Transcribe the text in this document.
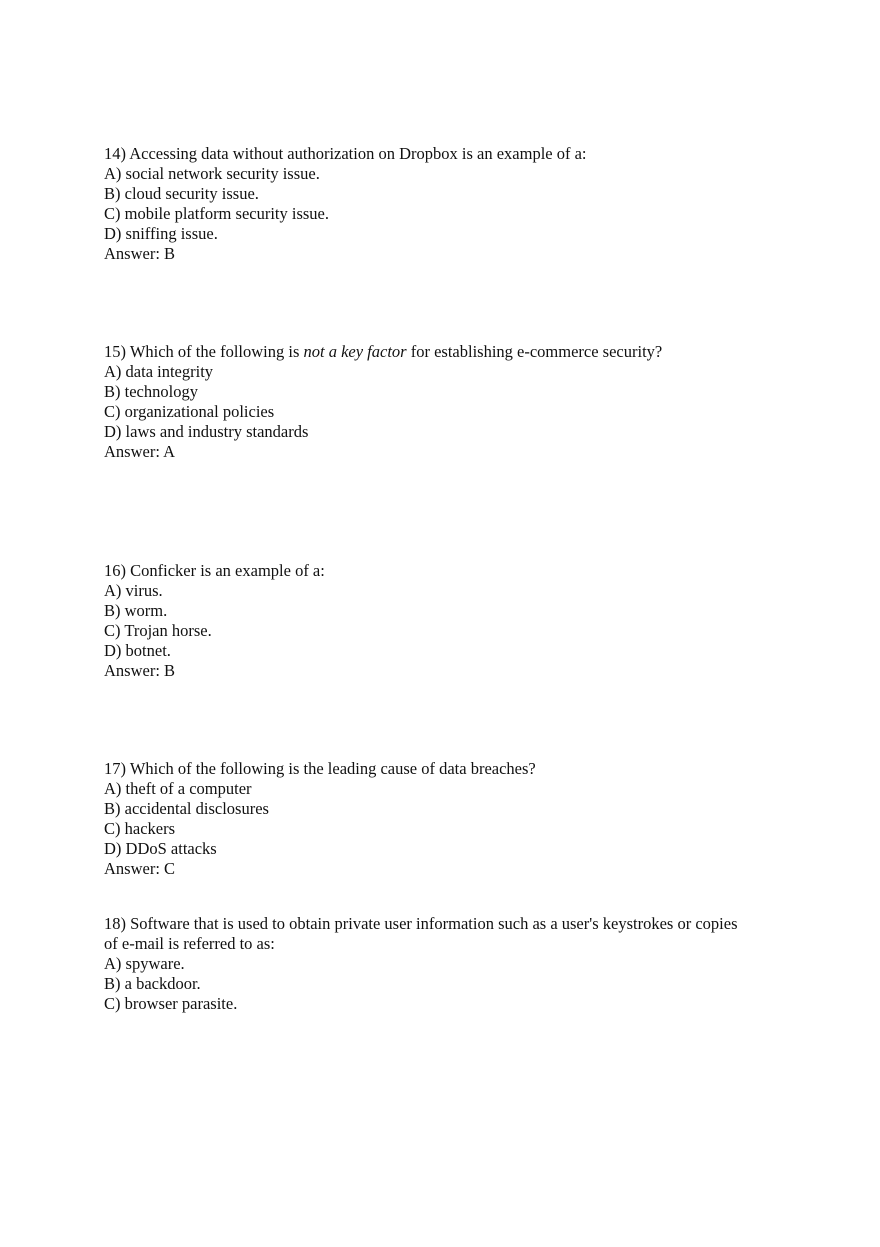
14) Accessing data without authorization on Dropbox is an example of a:
A) social network security issue.
B) cloud security issue.
C) mobile platform security issue.
D) sniffing issue.
Answer: B
15) Which of the following is not a key factor for establishing e-commerce security?
A) data integrity
B) technology
C) organizational policies
D) laws and industry standards
Answer: A
16) Conficker is an example of a:
A) virus.
B) worm.
C) Trojan horse.
D) botnet.
Answer: B
17) Which of the following is the leading cause of data breaches?
A) theft of a computer
B) accidental disclosures
C) hackers
D) DDoS attacks
Answer: C
18) Software that is used to obtain private user information such as a user's keystrokes or copies
of e-mail is referred to as:
A) spyware.
B) a backdoor.
C) browser parasite.
